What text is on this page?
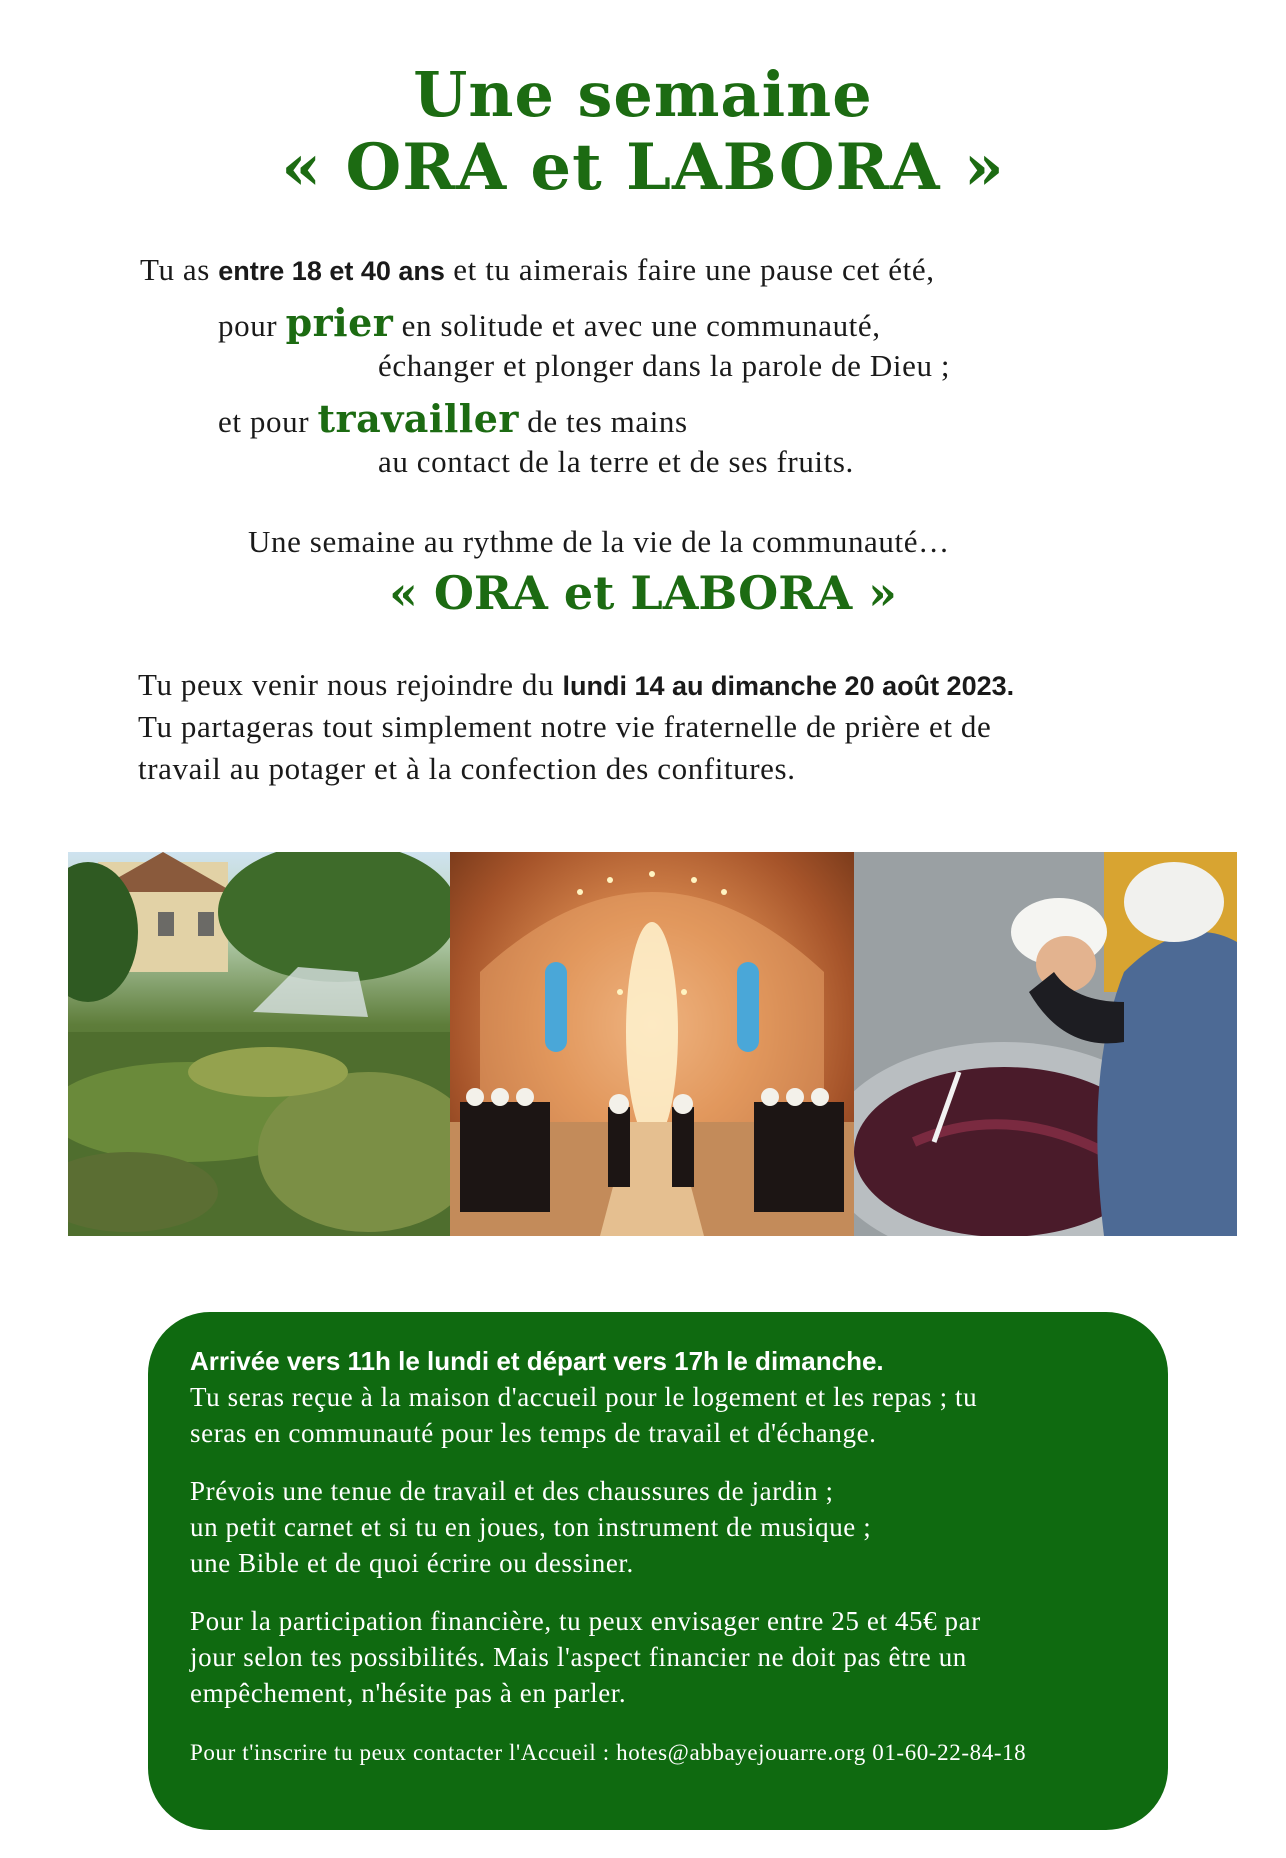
Une semaine
« ORA et LABORA »
Tu as entre 18 et 40 ans et tu aimerais faire une pause cet été,
pour prier en solitude et avec une communauté,
échanger et plonger dans la parole de Dieu ;
et pour travailler de tes mains
au contact de la terre et de ses fruits.
Une semaine au rythme de la vie de la communauté…
« ORA et LABORA »
Tu peux venir nous rejoindre du lundi 14 au dimanche 20 août 2023.
Tu partageras tout simplement notre vie fraternelle de prière et de
travail au potager et à la confection des confitures.
Arrivée vers 11h le lundi et départ vers 17h le dimanche.
Tu seras reçue à la maison d'accueil pour le logement et les repas ; tu
seras en communauté pour les temps de travail et d'échange.
Prévois une tenue de travail et des chaussures de jardin ;
un petit carnet et si tu en joues, ton instrument de musique ;
une Bible et de quoi écrire ou dessiner.
Pour la participation financière, tu peux envisager entre 25 et 45€ par
jour selon tes possibilités. Mais l'aspect financier ne doit pas être un
empêchement, n'hésite pas à en parler.
Pour t'inscrire tu peux contacter l'Accueil : hotes@abbayejouarre.org 01-60-22-84-18
